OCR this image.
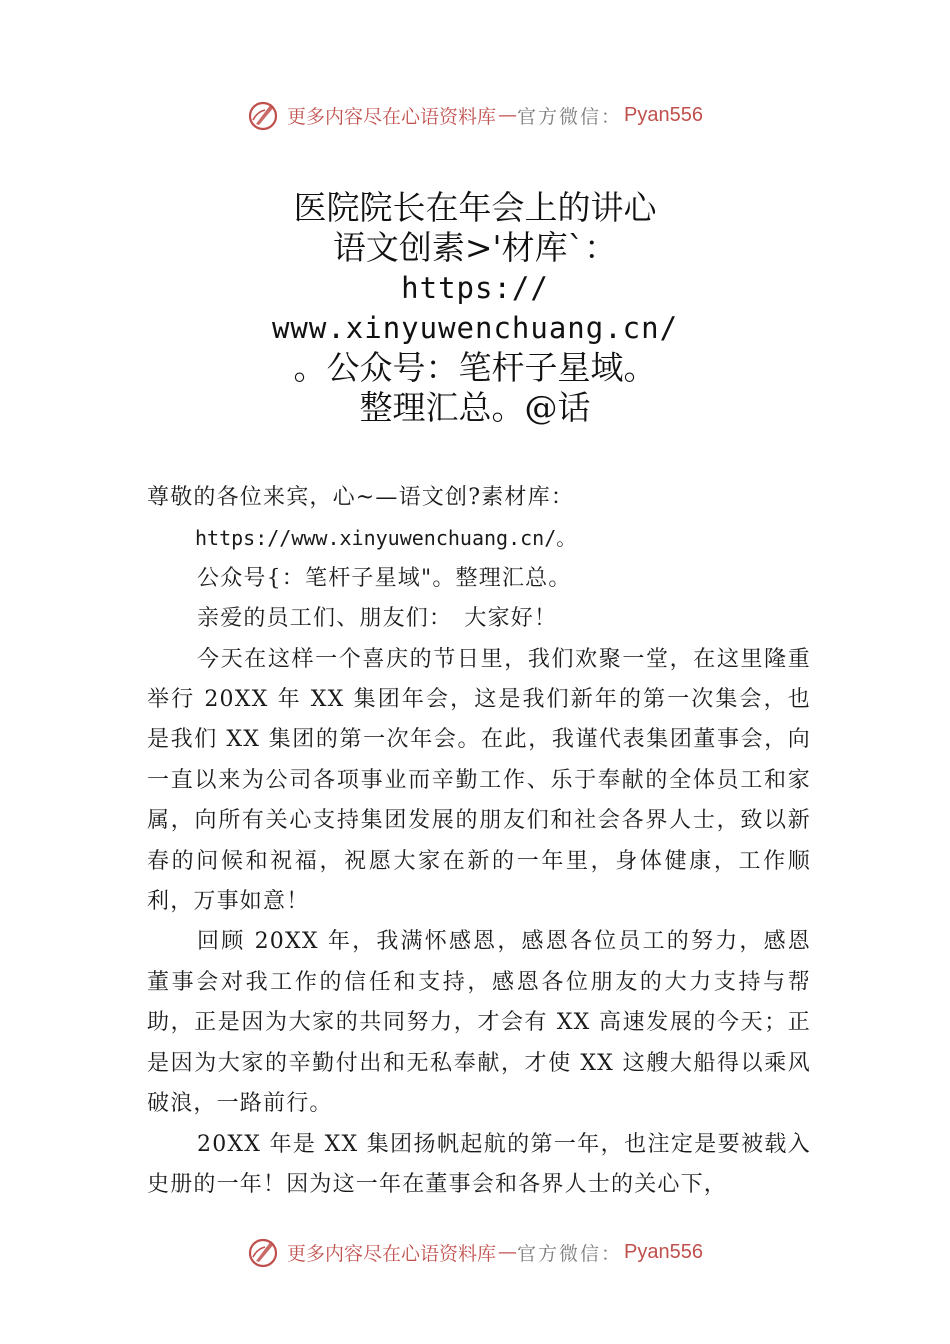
更多内容尽在心语资料库 — 官方微信： Pyan556
医院院长在年会上的讲心
语文创素>'材库`：
https://
www.xinyuwenchuang.cn/
。公众号：笔杆子星域。
整理汇总。@话

尊敬的各位来宾，心~—语文创?素材库：

https://www.xinyuwenchuang.cn/。

公众号{：笔杆子星域"。整理汇总。

亲爱的员工们、朋友们：　大家好！

今天在这样一个喜庆的节日里，我们欢聚一堂，在这里隆重举行 20XX 年 XX 集团年会，这是我们新年的第一次集会，也是我们 XX 集团的第一次年会。在此，我谨代表集团董事会，向一直以来为公司各项事业而辛勤工作、乐于奉献的全体员工和家属，向所有关心支持集团发展的朋友们和社会各界人士，致以新春的问候和祝福，祝愿大家在新的一年里，身体健康，工作顺利，万事如意！

回顾 20XX 年，我满怀感恩，感恩各位员工的努力，感恩董事会对我工作的信任和支持，感恩各位朋友的大力支持与帮助，正是因为大家的共同努力，才会有 XX 高速发展的今天；正是因为大家的辛勤付出和无私奉献，才使 XX 这艘大船得以乘风破浪，一路前行。

20XX 年是 XX 集团扬帆起航的第一年，也注定是要被载入史册的一年！因为这一年在董事会和各界人士的关心下，

更多内容尽在心语资料库 — 官方微信： Pyan556
